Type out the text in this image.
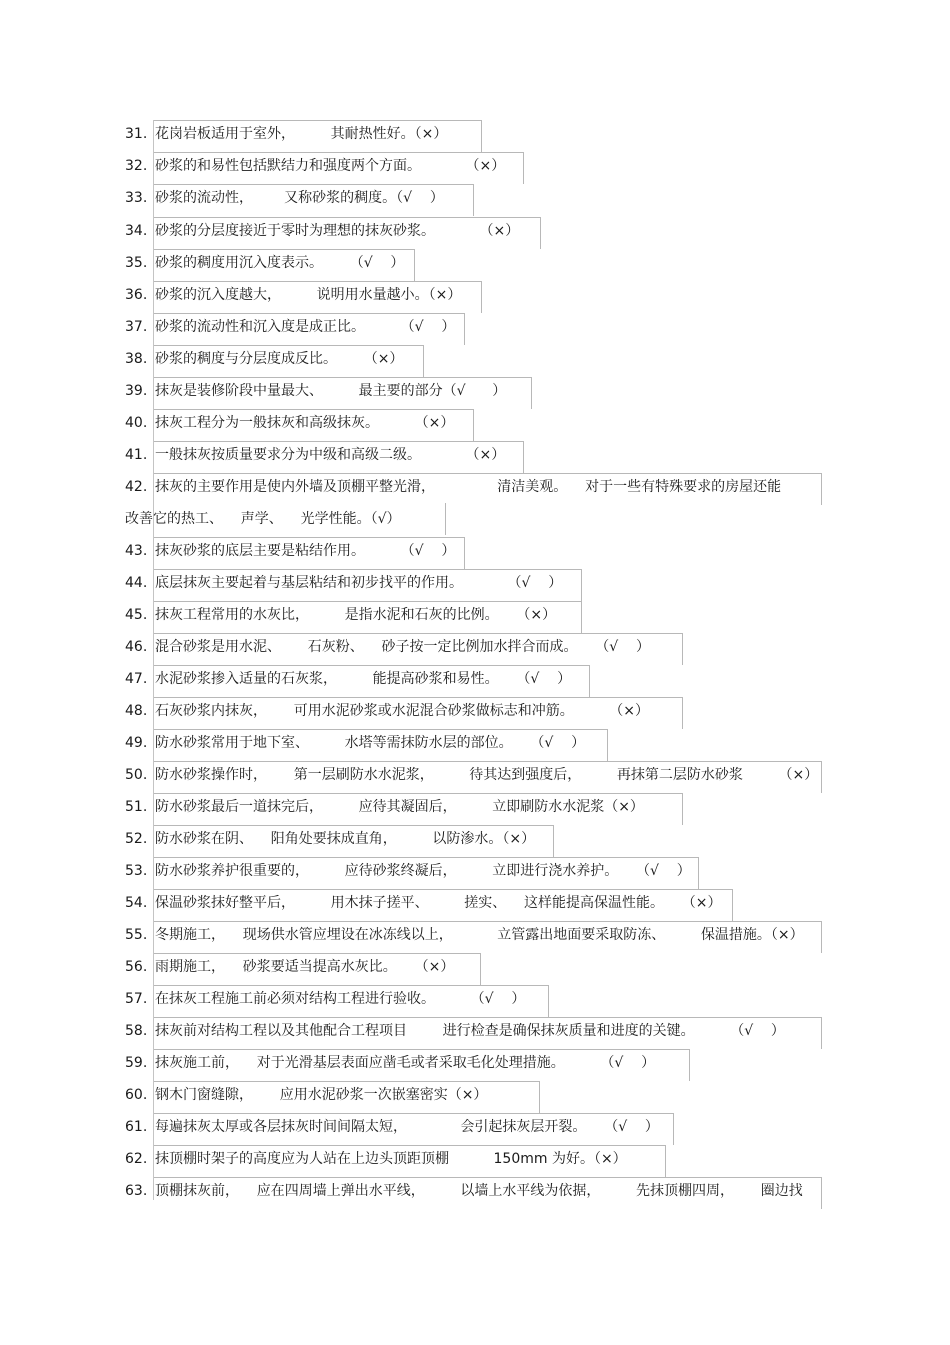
31. 花岗岩板适用于室外，        其耐热性好。（×）
32. 砂浆的和易性包括默结力和强度两个方面。          （×）
33. 砂浆的流动性，       又称砂浆的稠度。（√    ）
34. 砂浆的分层度接近于零时为理想的抹灰砂浆。          （×）
35. 砂浆的稠度用沉入度表示。      （√    ）
36. 砂浆的沉入度越大，        说明用水量越小。（×）
37. 砂浆的流动性和沉入度是成正比。        （√    ）
38. 砂浆的稠度与分层度成反比。      （×）
39. 抹灰是装修阶段中量最大、        最主要的部分（√      ）
40. 抹灰工程分为一般抹灰和高级抹灰。        （×）
41. 一般抹灰按质量要求分为中级和高级二级。          （×）
42. 抹灰的主要作用是使内外墙及顶棚平整光滑，              清洁美观。    对于一些有特殊要求的房屋还能
43. 抹灰砂浆的底层主要是粘结作用。        （√    ）
44. 底层抹灰主要起着与基层粘结和初步找平的作用。          （√    ）
45. 抹灰工程常用的水灰比，        是指水泥和石灰的比例。    （×）
46. 混合砂浆是用水泥、      石灰粉、    砂子按一定比例加水拌合而成。    （√    ）
47. 水泥砂浆掺入适量的石灰浆，        能提高砂浆和易性。    （√    ）
48. 石灰砂浆内抹灰，      可用水泥砂浆或水泥混合砂浆做标志和冲筋。        （×）
49. 防水砂浆常用于地下室、        水塔等需抹防水层的部位。    （√    ）
50. 防水砂浆操作时，      第一层刷防水水泥浆，        待其达到强度后，        再抹第二层防水砂浆        （×）
51. 防水砂浆最后一道抹完后，        应待其凝固后，        立即刷防水水泥浆（×）
52. 防水砂浆在阴、    阳角处要抹成直角，        以防渗水。（×）
53. 防水砂浆养护很重要的，        应待砂浆终凝后，        立即进行浇水养护。    （√    ）
54. 保温砂浆抹好整平后，        用木抹子搓平、        搓实、    这样能提高保温性能。    （×）
55. 冬期施工，    现场供水管应埋设在冰冻线以上，          立管露出地面要采取防冻、        保温措施。（×）
56. 雨期施工，    砂浆要适当提高水灰比。    （×）
57. 在抹灰工程施工前必须对结构工程进行验收。        （√    ）
58. 抹灰前对结构工程以及其他配合工程项目        进行检查是确保抹灰质量和进度的关键。        （√    ）
59. 抹灰施工前，    对于光滑基层表面应凿毛或者采取毛化处理措施。        （√    ）
60. 钢木门窗缝隙，      应用水泥砂浆一次嵌塞密实（×）
61. 每遍抹灰太厚或各层抹灰时间间隔太短，            会引起抹灰层开裂。    （√    ）
62. 抹顶棚时架子的高度应为人站在上边头顶距顶棚          150mm 为好。（×）
63. 顶棚抹灰前，    应在四周墙上弹出水平线，        以墙上水平线为依据，        先抹顶棚四周，      圈边找
改善它的热工、    声学、    光学性能。（√）
